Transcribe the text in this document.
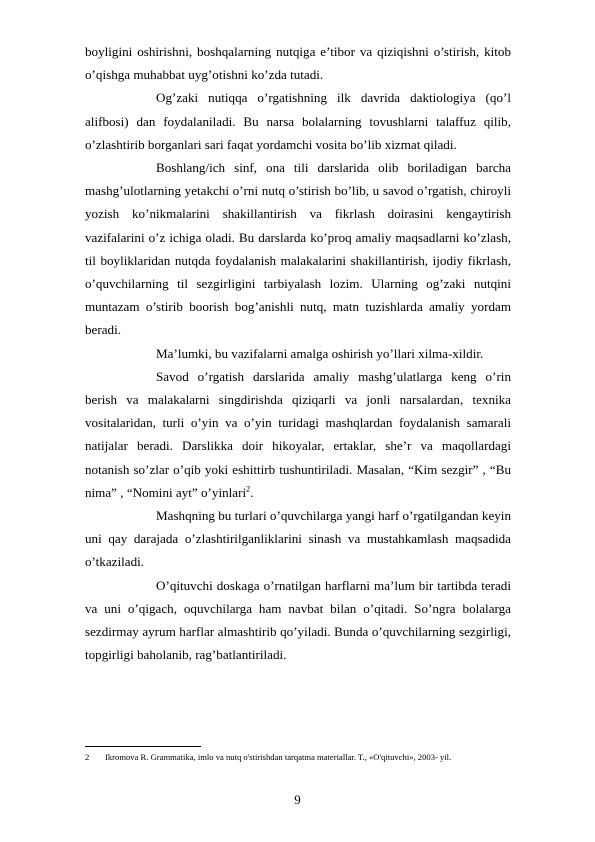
boyligini oshirishni, boshqalarning nutqiga e’tibor va qiziqishni o’stirish, kitob o’qishga muhabbat uyg’otishni ko’zda tutadi.

Og’zaki nutiqqa o’rgatishning ilk davrida daktiologiya (qo’l alifbosi) dan foydalaniladi. Bu narsa bolalarning tovushlarni talaffuz qilib, o’zlashtirib borganlari sari faqat yordamchi vosita bo’lib xizmat qiladi.

Boshlang/ich sinf, ona tili darslarida olib boriladigan barcha mashg’ulotlarning yetakchi o’rni nutq o’stirish bo’lib, u savod o’rgatish, chiroyli yozish ko’nikmalarini shakillantirish va fikrlash doirasini kengaytirish vazifalarini o’z ichiga oladi. Bu darslarda ko’proq amaliy maqsadlarni ko’zlash, til boyliklaridan nutqda foydalanish malakalarini shakillantirish, ijodiy fikrlash, o’quvchilarning til sezgirligini tarbiyalash lozim. Ularning og’zaki nutqini muntazam o’stirib boorish bog’anishli nutq, matn tuzishlarda amaliy yordam beradi.

Ma’lumki, bu vazifalarni amalga oshirish yo’llari xilma-xildir.

Savod o’rgatish darslarida amaliy mashg’ulatlarga keng o’rin berish va malakalarni singdirishda qiziqarli va jonli narsalardan, texnika vositalaridan, turli o’yin va o’yin turidagi mashqlardan foydalanish samarali natijalar beradi. Darslikka doir hikoyalar, ertaklar, she’r va maqollardagi notanish so’zlar o’qib yoki eshittirb tushuntiriladi. Masalan, “Kim sezgir” , “Bu nima” , “Nomini ayt” o’yinlari$^2$.

Mashqning bu turlari o’quvchilarga yangi harf o’rgatilgandan keyin uni qay darajada o’zlashtirilganliklarini sinash va mustahkamlash maqsadida o’tkaziladi.

O’qituvchi doskaga o’rnatilgan harflarni ma’lum bir tartibda teradi va uni o’qigach, oquvchilarga ham navbat bilan o’qitadi. So’ngra bolalarga sezdirmay ayrum harflar almashtirib qo’yiladi. Bunda o’quvchilarning sezgirligi, topgirligi baholanib, rag’batlantiriladi.

2 Ikromova R. Grammatika, imlo va nutq o'stirishdan tarqatma materiallar. T., «O'qituvchi», 2003- yil.
9
